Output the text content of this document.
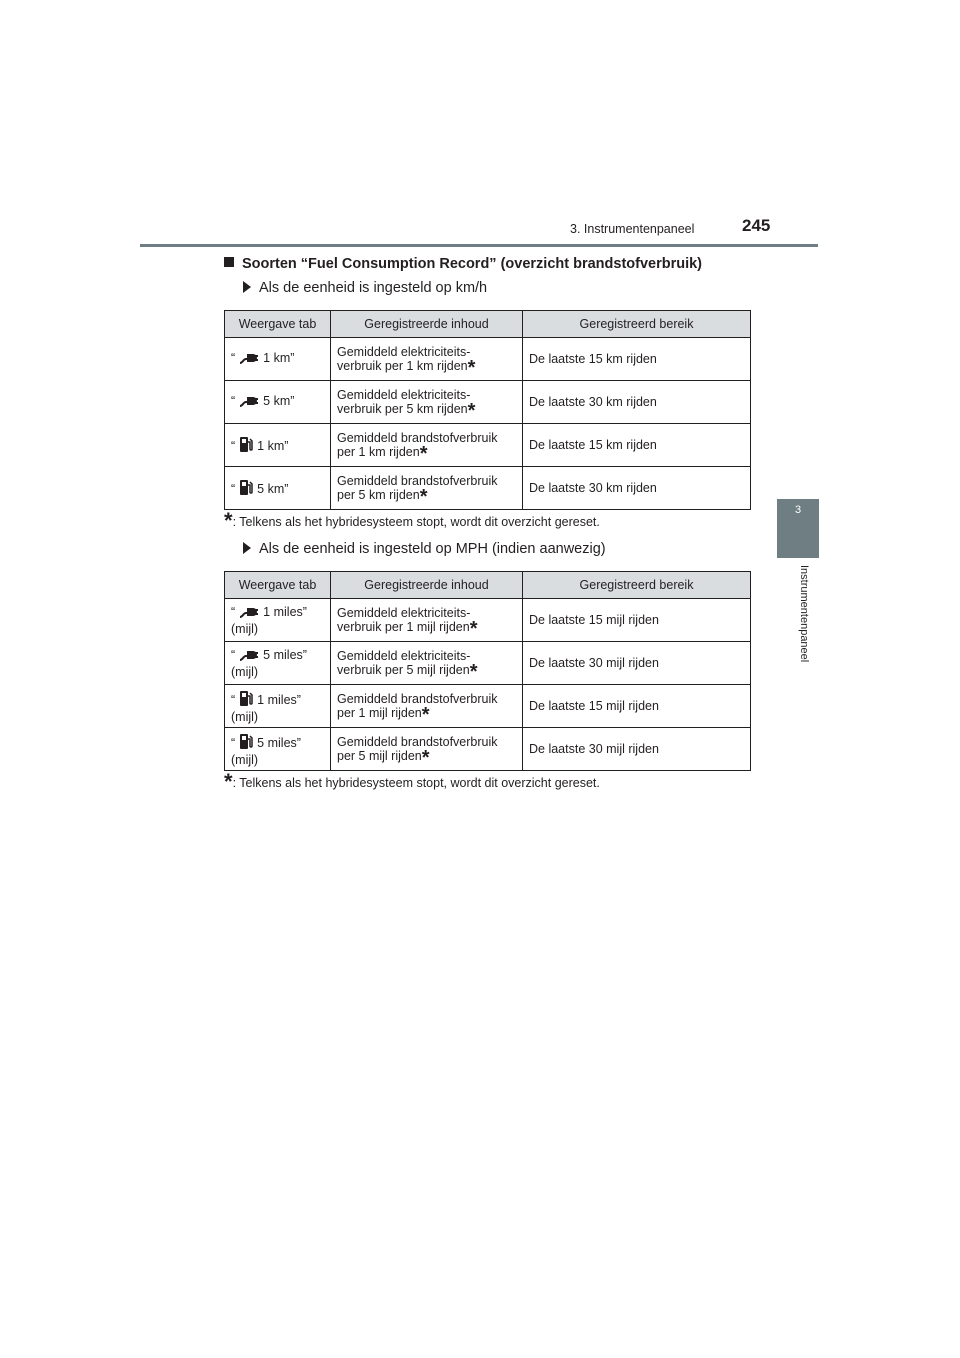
3. Instrumentenpaneel	245
3
Instrumentenpaneel
Soorten “Fuel Consumption Record” (overzicht brandstofverbruik)
Als de eenheid is ingesteld op km/h
Weergave tab	Geregistreerde inhoud	Geregistreerd bereik
“ 1 km”	Gemiddeld elektriciteits-
verbruik per 1 km rijden*	De laatste 15 km rijden
“ 5 km”	Gemiddeld elektriciteits-
verbruik per 5 km rijden*	De laatste 30 km rijden
“ 1 km”	Gemiddeld brandstofverbruik
per 1 km rijden*	De laatste 15 km rijden
“ 5 km”	Gemiddeld brandstofverbruik
per 5 km rijden*	De laatste 30 km rijden
*: Telkens als het hybridesysteem stopt, wordt dit overzicht gereset.
Als de eenheid is ingesteld op MPH (indien aanwezig)
Weergave tab	Geregistreerde inhoud	Geregistreerd bereik
“ 1 miles”
(mijl)	Gemiddeld elektriciteits-
verbruik per 1 mijl rijden*	De laatste 15 mijl rijden
“ 5 miles”
(mijl)	Gemiddeld elektriciteits-
verbruik per 5 mijl rijden*	De laatste 30 mijl rijden
“ 1 miles”
(mijl)	Gemiddeld brandstofverbruik
per 1 mijl rijden*	De laatste 15 mijl rijden
“ 5 miles”
(mijl)	Gemiddeld brandstofverbruik
per 5 mijl rijden*	De laatste 30 mijl rijden
*: Telkens als het hybridesysteem stopt, wordt dit overzicht gereset.
